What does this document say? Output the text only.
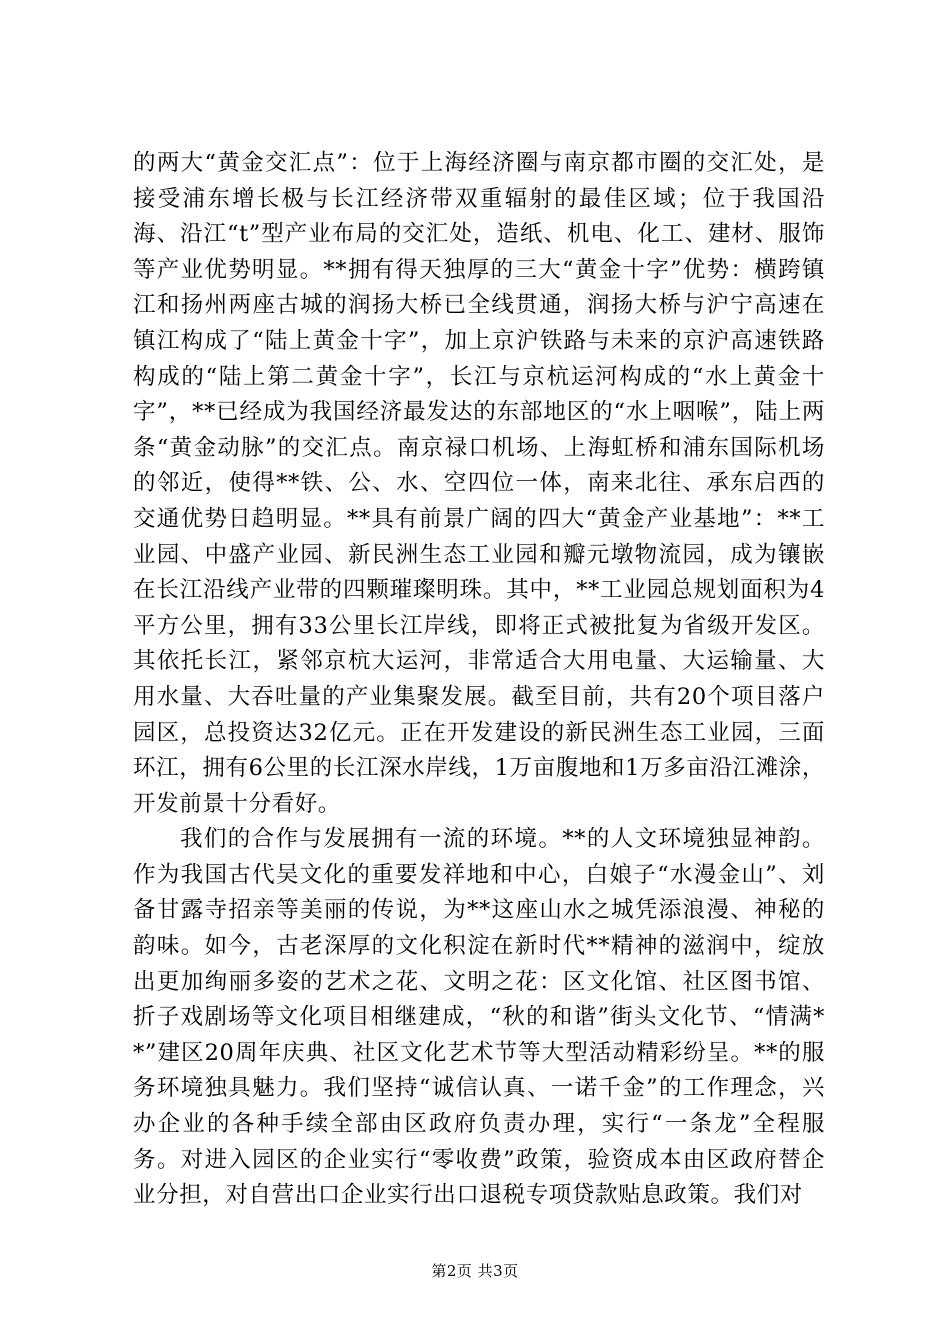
的两大“黄金交汇点”：位于上海经济圈与南京都市圈的交汇处，是接受浦东增长极与长江经济带双重辐射的最佳区域；位于我国沿海、沿江“t”型产业布局的交汇处，造纸、机电、化工、建材、服饰等产业优势明显。**拥有得天独厚的三大“黄金十字”优势：横跨镇江和扬州两座古城的润扬大桥已全线贯通，润扬大桥与沪宁高速在镇江构成了“陆上黄金十字”，加上京沪铁路与未来的京沪高速铁路构成的“陆上第二黄金十字”，长江与京杭运河构成的“水上黄金十字”，**已经成为我国经济最发达的东部地区的“水上咽喉”，陆上两条“黄金动脉”的交汇点。南京禄口机场、上海虹桥和浦东国际机场的邻近，使得**铁、公、水、空四位一体，南来北往、承东启西的交通优势日趋明显。**具有前景广阔的四大“黄金产业基地”：**工业园、中盛产业园、新民洲生态工业园和瓣元墩物流园，成为镶嵌在长江沿线产业带的四颗璀璨明珠。其中，**工业园总规划面积为4平方公里，拥有33公里长江岸线，即将正式被批复为省级开发区。其依托长江，紧邻京杭大运河，非常适合大用电量、大运输量、大用水量、大吞吐量的产业集聚发展。截至目前，共有20个项目落户园区，总投资达32亿元。正在开发建设的新民洲生态工业园，三面环江，拥有6公里的长江深水岸线，1万亩腹地和1万多亩沿江滩涂，开发前景十分看好。

我们的合作与发展拥有一流的环境。**的人文环境独显神韵。作为我国古代吴文化的重要发祥地和中心，白娘子“水漫金山”、刘备甘露寺招亲等美丽的传说，为**这座山水之城凭添浪漫、神秘的韵味。如今，古老深厚的文化积淀在新时代**精神的滋润中，绽放出更加绚丽多姿的艺术之花、文明之花：区文化馆、社区图书馆、折子戏剧场等文化项目相继建成，“秋的和谐”街头文化节、“情满**”建区20周年庆典、社区文化艺术节等大型活动精彩纷呈。**的服务环境独具魅力。我们坚持“诚信认真、一诺千金”的工作理念，兴办企业的各种手续全部由区政府负责办理，实行“一条龙”全程服务。对进入园区的企业实行“零收费”政策，验资成本由区政府替企业分担，对自营出口企业实行出口退税专项贷款贴息政策。我们对

第2页 共3页
